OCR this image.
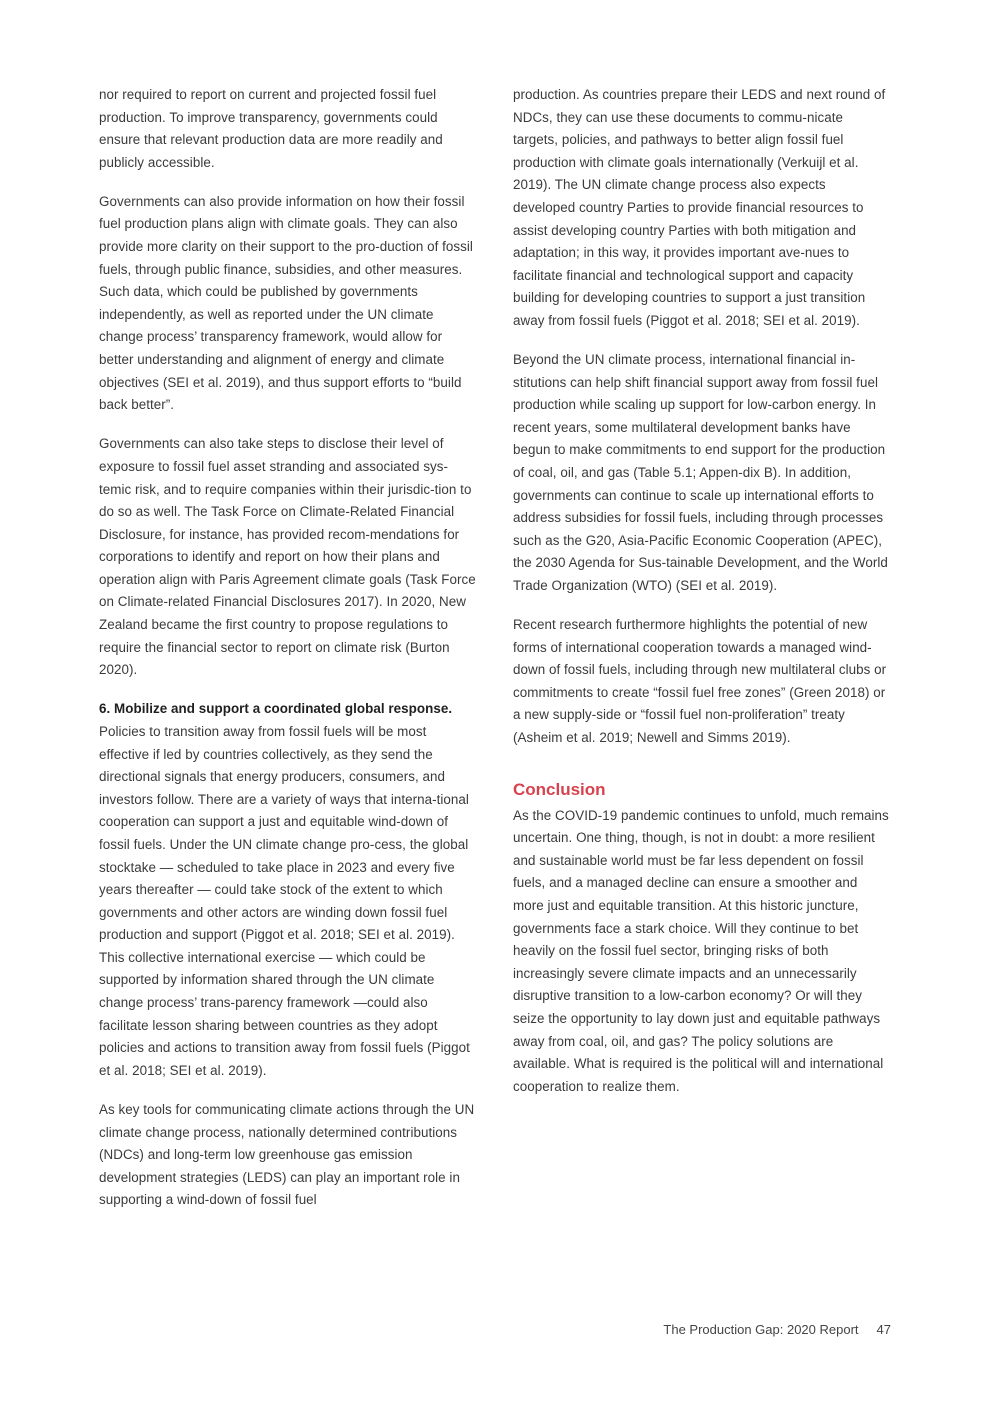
nor required to report on current and projected fossil fuel production. To improve transparency, governments could ensure that relevant production data are more readily and publicly accessible.

Governments can also provide information on how their fossil fuel production plans align with climate goals. They can also provide more clarity on their support to the pro-duction of fossil fuels, through public finance, subsidies, and other measures. Such data, which could be published by governments independently, as well as reported under the UN climate change process’ transparency framework, would allow for better understanding and alignment of energy and climate objectives (SEI et al. 2019), and thus support efforts to “build back better”.

Governments can also take steps to disclose their level of exposure to fossil fuel asset stranding and associated sys-temic risk, and to require companies within their jurisdic-tion to do so as well. The Task Force on Climate-Related Financial Disclosure, for instance, has provided recom-mendations for corporations to identify and report on how their plans and operation align with Paris Agreement climate goals (Task Force on Climate-related Financial Disclosures 2017). In 2020, New Zealand became the first country to propose regulations to require the financial sector to report on climate risk (Burton 2020).

6. Mobilize and support a coordinated global response.
Policies to transition away from fossil fuels will be most effective if led by countries collectively, as they send the directional signals that energy producers, consumers, and investors follow. There are a variety of ways that interna-tional cooperation can support a just and equitable wind-down of fossil fuels. Under the UN climate change pro-cess, the global stocktake — scheduled to take place in 2023 and every five years thereafter — could take stock of the extent to which governments and other actors are winding down fossil fuel production and support (Piggot et al. 2018; SEI et al. 2019). This collective international exercise — which could be supported by information shared through the UN climate change process’ trans-parency framework —could also facilitate lesson sharing between countries as they adopt policies and actions to transition away from fossil fuels (Piggot et al. 2018; SEI et al. 2019).

As key tools for communicating climate actions through the UN climate change process, nationally determined contributions (NDCs) and long-term low greenhouse gas emission development strategies (LEDS) can play an important role in supporting a wind-down of fossil fuel

production. As countries prepare their LEDS and next round of NDCs, they can use these documents to commu-nicate targets, policies, and pathways to better align fossil fuel production with climate goals internationally (Verkuijl et al. 2019). The UN climate change process also expects developed country Parties to provide financial resources to assist developing country Parties with both mitigation and adaptation; in this way, it provides important ave-nues to facilitate financial and technological support and capacity building for developing countries to support a just transition away from fossil fuels (Piggot et al. 2018; SEI et al. 2019).

Beyond the UN climate process, international financial in-stitutions can help shift financial support away from fossil fuel production while scaling up support for low-carbon energy. In recent years, some multilateral development banks have begun to make commitments to end support for the production of coal, oil, and gas (Table 5.1; Appen-dix B). In addition, governments can continue to scale up international efforts to address subsidies for fossil fuels, including through processes such as the G20, Asia-Pacific Economic Cooperation (APEC), the 2030 Agenda for Sus-tainable Development, and the World Trade Organization (WTO) (SEI et al. 2019).

Recent research furthermore highlights the potential of new forms of international cooperation towards a managed wind-down of fossil fuels, including through new multilateral clubs or commitments to create “fossil fuel free zones” (Green 2018) or a new supply-side or “fossil fuel non-proliferation” treaty (Asheim et al. 2019; Newell and Simms 2019).

Conclusion

As the COVID-19 pandemic continues to unfold, much remains uncertain. One thing, though, is not in doubt: a more resilient and sustainable world must be far less dependent on fossil fuels, and a managed decline can ensure a smoother and more just and equitable transition. At this historic juncture, governments face a stark choice. Will they continue to bet heavily on the fossil fuel sector, bringing risks of both increasingly severe climate impacts and an unnecessarily disruptive transition to a low-carbon economy? Or will they seize the opportunity to lay down just and equitable pathways away from coal, oil, and gas? The policy solutions are available. What is required is the political will and international cooperation to realize them.

The Production Gap: 2020 Report 47
